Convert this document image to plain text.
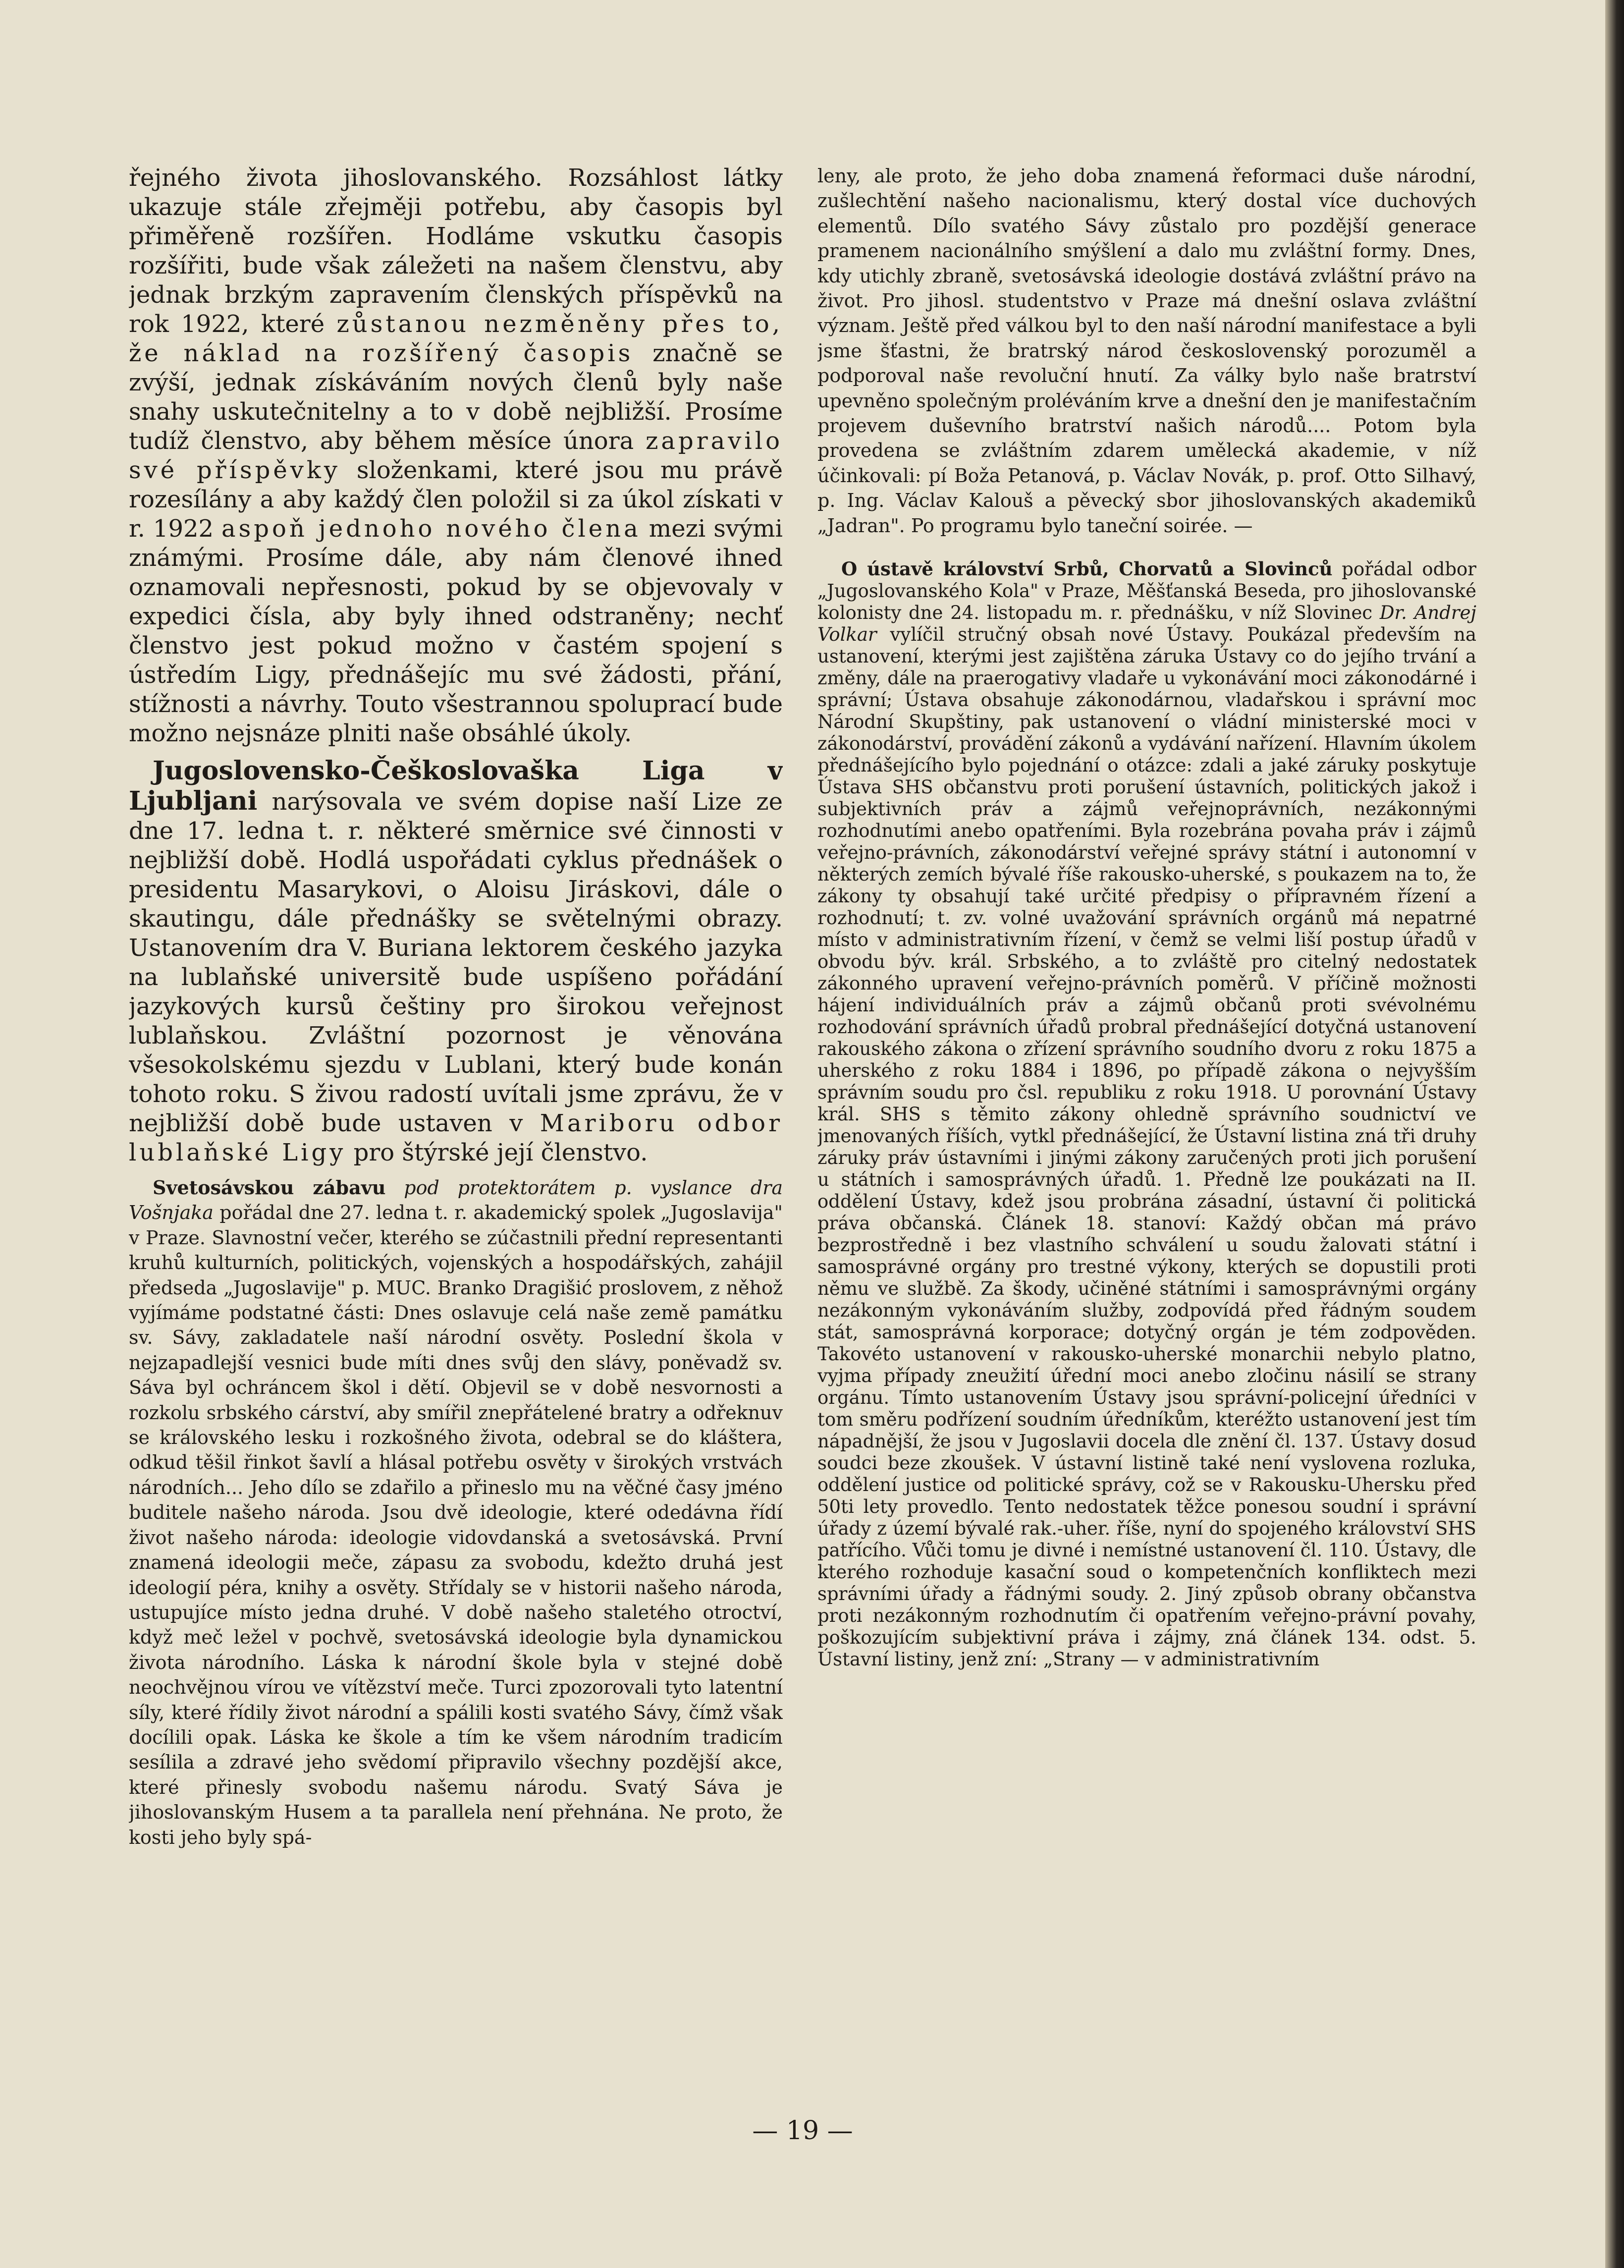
řejného života jihoslovanského. Rozsáhlost látky ukazuje stále zřejměji potřebu, aby časopis byl přiměřeně rozšířen. Hodláme vskutku časopis rozšířiti, bude však záležeti na našem členstvu, aby jednak brzkým zapravením členských příspěvků na rok 1922, které zůstanou nezměněny přes to, že náklad na rozšířený časopis značně se zvýší, jednak získáváním nových členů byly naše snahy uskutečnitelny a to v době nejbližší. Prosíme tudíž členstvo, aby během měsíce února zapravilo své příspěvky složenkami, které jsou mu právě rozesílány a aby každý člen položil si za úkol získati v r. 1922 aspoň jednoho nového člena mezi svými známými. Prosíme dále, aby nám členové ihned oznamovali nepřesnosti, pokud by se objevovaly v expedici čísla, aby byly ihned odstraněny; nechť členstvo jest pokud možno v častém spojení s ústředím Ligy, přednášejíc mu své žádosti, přání, stížnosti a návrhy. Touto všestrannou spoluprací bude možno nejsnáze plniti naše obsáhlé úkoly.

Jugoslovensko-Češkoslovaška Liga v Ljubljani narýsovala ve svém dopise naší Lize ze dne 17. ledna t. r. některé směrnice své činnosti v nejbližší době. Hodlá uspořádati cyklus přednášek o presidentu Masarykovi, o Aloisu Jiráskovi, dále o skautingu, dále přednášky se světelnými obrazy. Ustanovením dra V. Buriana lektorem českého jazyka na lublaňské universitě bude uspíšeno pořádání jazykových kursů češtiny pro širokou veřejnost lublaňskou. Zvláštní pozornost je věnována všesokolskému sjezdu v Lublani, který bude konán tohoto roku. S živou radostí uvítali jsme zprávu, že v nejbližší době bude ustaven v Mariboru odbor lublaňské Ligy pro štýrské její členstvo.

Svetosávskou zábavu pod protektorátem p. vyslance dra Vošnjaka pořádal dne 27. ledna t. r. akademický spolek „Jugoslavija" v Praze. Slavnostní večer, kterého se zúčastnili přední representanti kruhů kulturních, politických, vojenských a hospodářských, zahájil předseda „Jugoslavije" p. MUC. Branko Dragišić proslovem, z něhož vyjímáme podstatné části: Dnes oslavuje celá naše země památku sv. Sávy, zakladatele naší národní osvěty. Poslední škola v nejzapadlejší vesnici bude míti dnes svůj den slávy, poněvadž sv. Sáva byl ochráncem škol i dětí. Objevil se v době nesvornosti a rozkolu srbského cárství, aby smířil znepřátelené bratry a odřeknuv se královského lesku i rozkošného života, odebral se do kláštera, odkud těšil řinkot šavlí a hlásal potřebu osvěty v širokých vrstvách národních... Jeho dílo se zdařilo a přineslo mu na věčné časy jméno buditele našeho národa. Jsou dvě ideologie, které odedávna řídí život našeho národa: ideologie vidovdanská a svetosávská. První znamená ideologii meče, zápasu za svobodu, kdežto druhá jest ideologií péra, knihy a osvěty. Střídaly se v historii našeho národa, ustupujíce místo jedna druhé. V době našeho staletého otroctví, když meč ležel v pochvě, svetosávská ideologie byla dynamickou života národního. Láska k národní škole byla v stejné době neochvějnou vírou ve vítězství meče. Turci zpozorovali tyto latentní síly, které řídily život národní a spálili kosti svatého Sávy, čímž však docílili opak. Láska ke škole a tím ke všem národním tradicím sesílila a zdravé jeho svědomí připravilo všechny pozdější akce, které přinesly svobodu našemu národu. Svatý Sáva je jihoslovanským Husem a ta parallela není přehnána. Ne proto, že kosti jeho byly spá-

leny, ale proto, že jeho doba znamená řeformaci duše národní, zušlechtění našeho nacionalismu, který dostal více duchových elementů. Dílo svatého Sávy zůstalo pro pozdější generace pramenem nacionálního smýšlení a dalo mu zvláštní formy. Dnes, kdy utichly zbraně, svetosávská ideologie dostává zvláštní právo na život. Pro jihosl. studentstvo v Praze má dnešní oslava zvláštní význam. Ještě před válkou byl to den naší národní manifestace a byli jsme šťastni, že bratrský národ československý porozuměl a podporoval naše revoluční hnutí. Za války bylo naše bratrství upevněno společným proléváním krve a dnešní den je manifestačním projevem duševního bratrství našich národů.... Potom byla provedena se zvláštním zdarem umělecká akademie, v níž účinkovali: pí Boža Petanová, p. Václav Novák, p. prof. Otto Silhavý, p. Ing. Václav Kalouš a pěvecký sbor jihoslovanských akademiků „Jadran". Po programu bylo taneční soirée. —

O ústavě království Srbů, Chorvatů a Slovinců pořádal odbor „Jugoslovanského Kola" v Praze, Měšťanská Beseda, pro jihoslovanské kolonisty dne 24. listopadu m. r. přednášku, v níž Slovinec Dr. Andrej Volkar vylíčil stručný obsah nové Ústavy. Poukázal především na ustanovení, kterými jest zajištěna záruka Ústavy co do jejího trvání a změny, dále na praerogativy vladaře u vykonávání moci zákonodárné i správní; Ústava obsahuje zákonodárnou, vladařskou i správní moc Národní Skupštiny, pak ustanovení o vládní ministerské moci v zákonodárství, provádění zákonů a vydávání nařízení. Hlavním úkolem přednášejícího bylo pojednání o otázce: zdali a jaké záruky poskytuje Ústava SHS občanstvu proti porušení ústavních, politických jakož i subjektivních práv a zájmů veřejnoprávních, nezákonnými rozhodnutími anebo opatřeními. Byla rozebrána povaha práv i zájmů veřejno-právních, zákonodárství veřejné správy státní i autonomní v některých zemích bývalé říše rakousko-uherské, s poukazem na to, že zákony ty obsahují také určité předpisy o přípravném řízení a rozhodnutí; t. zv. volné uvažování správních orgánů má nepatrné místo v administrativním řízení, v čemž se velmi liší postup úřadů v obvodu býv. král. Srbského, a to zvláště pro citelný nedostatek zákonného upravení veřejno-právních poměrů. V příčině možnosti hájení individuálních práv a zájmů občanů proti svévolnému rozhodování správních úřadů probral přednášející dotyčná ustanovení rakouského zákona o zřízení správního soudního dvoru z roku 1875 a uherského z roku 1884 i 1896, po případě zákona o nejvyšším správním soudu pro čsl. republiku z roku 1918. U porovnání Ústavy král. SHS s těmito zákony ohledně správního soudnictví ve jmenovaných říších, vytkl přednášející, že Ústavní listina zná tři druhy záruky práv ústavními i jinými zákony zaručených proti jich porušení u státních i samosprávných úřadů. 1. Předně lze poukázati na II. oddělení Ústavy, kdež jsou probrána zásadní, ústavní či politická práva občanská. Článek 18. stanoví: Každý občan má právo bezprostředně i bez vlastního schválení u soudu žalovati státní i samosprávné orgány pro trestné výkony, kterých se dopustili proti němu ve službě. Za škody, učiněné státními i samosprávnými orgány nezákonným vykonáváním služby, zodpovídá před řádným soudem stát, samosprávná korporace; dotyčný orgán je tém zodpověden. Takovéto ustanovení v rakousko-uherské monarchii nebylo platno, vyjma případy zneužití úřední moci anebo zločinu násilí se strany orgánu. Tímto ustanovením Ústavy jsou správní-policejní úředníci v tom směru podřízení soudním úředníkům, kteréžto ustanovení jest tím nápadnější, že jsou v Jugoslavii docela dle znění čl. 137. Ústavy dosud soudci beze zkoušek. V ústavní listině také není vyslovena rozluka, oddělení justice od politické správy, což se v Rakousku-Uhersku před 50ti lety provedlo. Tento nedostatek těžce ponesou soudní i správní úřady z území bývalé rak.-uher. říše, nyní do spojeného království SHS patřícího. Vůči tomu je divné i nemístné ustanovení čl. 110. Ústavy, dle kterého rozhoduje kasační soud o kompetenčních konfliktech mezi správními úřady a řádnými soudy. 2. Jiný způsob obrany občanstva proti nezákonným rozhodnutím či opatřením veřejno-právní povahy, poškozujícím subjektivní práva i zájmy, zná článek 134. odst. 5. Ústavní listiny, jenž zní: „Strany — v administrativním

— 19 —
